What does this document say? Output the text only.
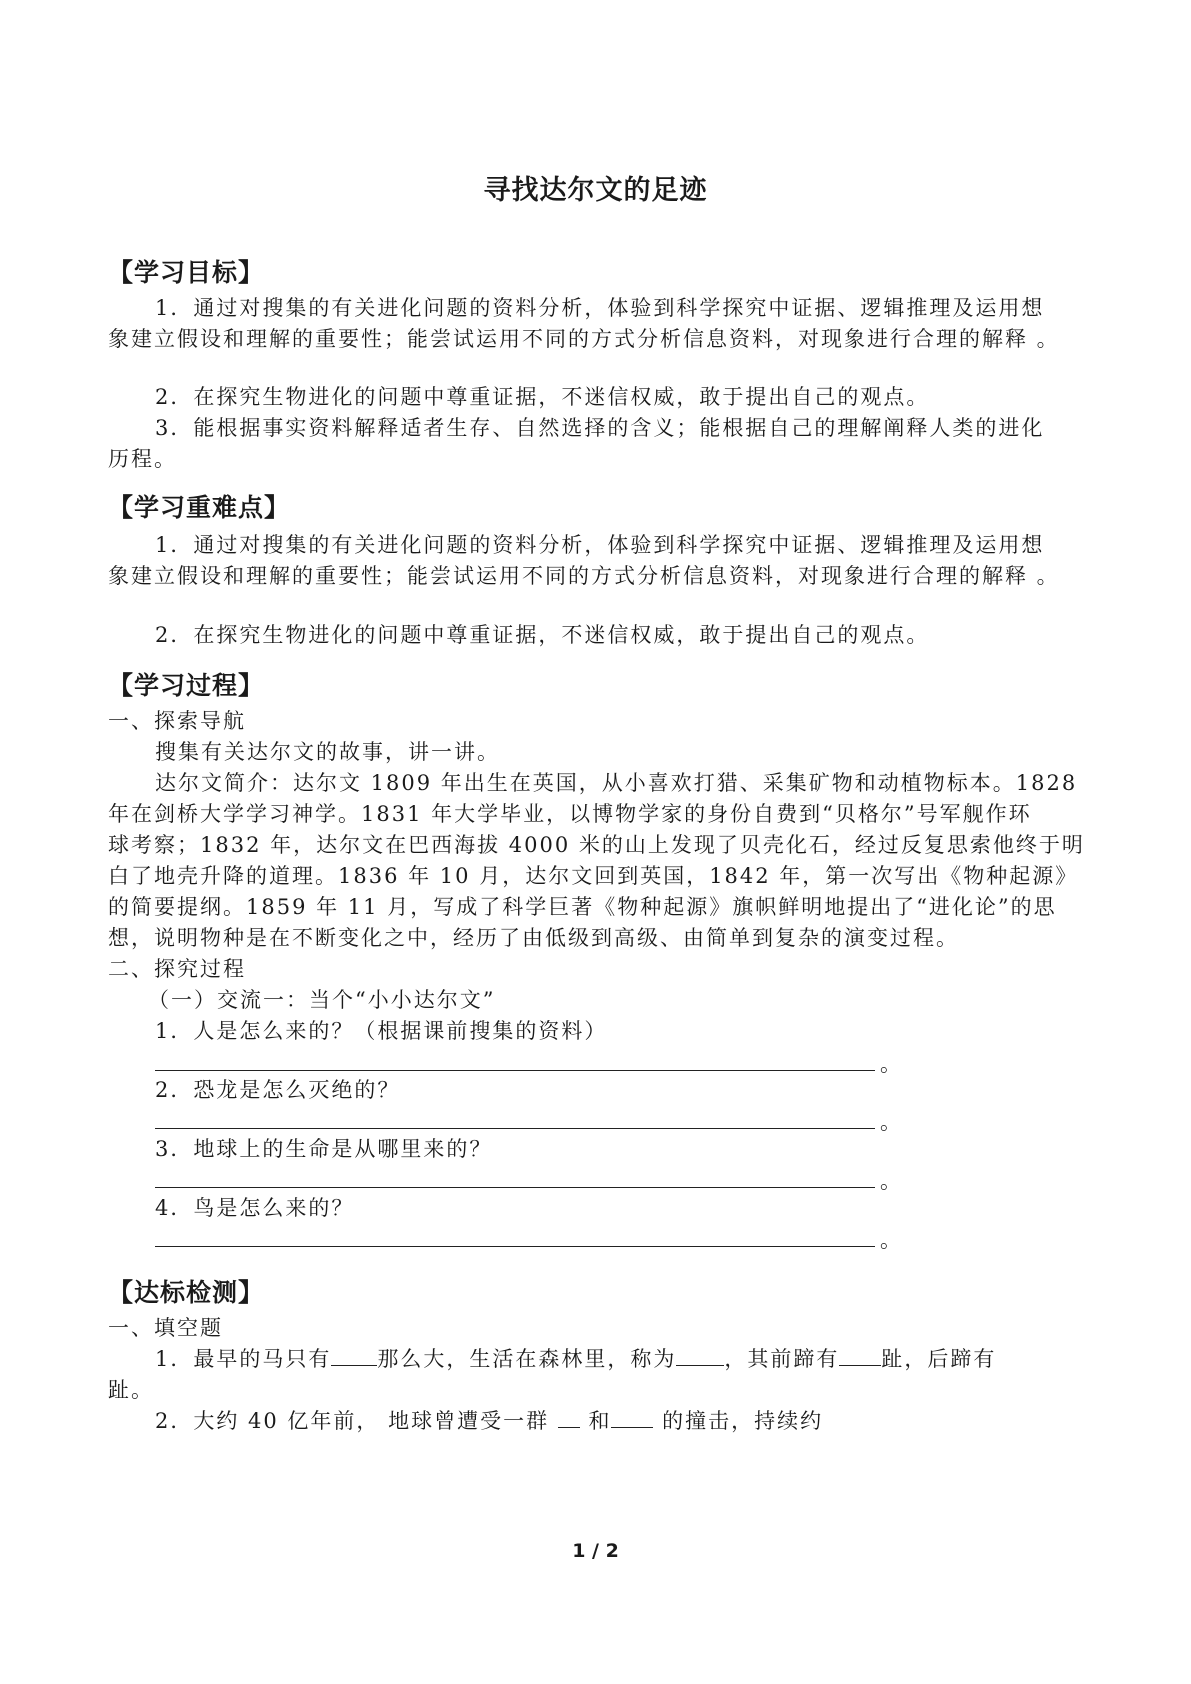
寻找达尔文的足迹
【学习目标】
1．通过对搜集的有关进化问题的资料分析，体验到科学探究中证据、逻辑推理及运用想
象建立假设和理解的重要性；能尝试运用不同的方式分析信息资料，对现象进行合理的解释 。
2．在探究生物进化的问题中尊重证据，不迷信权威，敢于提出自己的观点。
3．能根据事实资料解释适者生存、自然选择的含义；能根据自己的理解阐释人类的进化
历程。
【学习重难点】
1．通过对搜集的有关进化问题的资料分析，体验到科学探究中证据、逻辑推理及运用想
象建立假设和理解的重要性；能尝试运用不同的方式分析信息资料，对现象进行合理的解释 。
2．在探究生物进化的问题中尊重证据，不迷信权威，敢于提出自己的观点。
【学习过程】
一、探索导航
搜集有关达尔文的故事，讲一讲。
达尔文简介：达尔文 1809 年出生在英国，从小喜欢打猎、采集矿物和动植物标本。1828
年在剑桥大学学习神学。1831 年大学毕业，以博物学家的身份自费到“贝格尔”号军舰作环
球考察；1832 年，达尔文在巴西海拔 4000 米的山上发现了贝壳化石，经过反复思索他终于明
白了地壳升降的道理。1836 年 10 月，达尔文回到英国，1842 年，第一次写出《物种起源》
的简要提纲。1859 年 11 月，写成了科学巨著《物种起源》旗帜鲜明地提出了“进化论”的思
想，说明物种是在不断变化之中，经历了由低级到高级、由简单到复杂的演变过程。
二、探究过程
（一）交流一：当个“小小达尔文”
1．人是怎么来的？（根据课前搜集的资料）
。
2．恐龙是怎么灭绝的？
。
3．地球上的生命是从哪里来的？
。
4．鸟是怎么来的？
。
【达标检测】
一、填空题
1．最早的马只有 那么大，生活在森林里，称为 ，其前蹄有 趾，后蹄有
趾。
2．大约 40 亿年前， 地球曾遭受一群  和 的撞击，持续约
1 / 2
